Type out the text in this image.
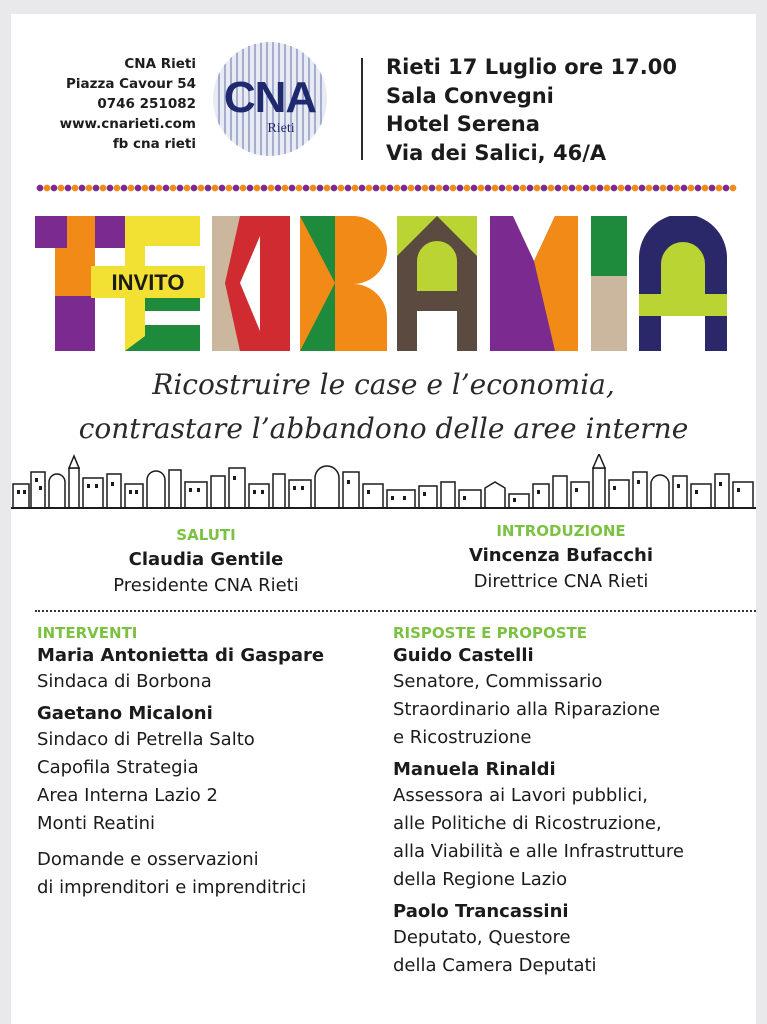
CNA Rieti
Piazza Cavour 54
0746 251082
www.cnarieti.com
fb cna rieti
CNA
Rieti
Rieti 17 Luglio ore 17.00
Sala Convegni
Hotel Serena
Via dei Salici, 46/A
INVITO
Ricostruire le case e l’economia,
contrastare l’abbandono delle aree interne
SALUTI
Claudia Gentile
Presidente CNA Rieti
INTRODUZIONE
Vincenza Bufacchi
Direttrice CNA Rieti
INTERVENTI
Maria Antonietta di Gaspare
Sindaca di Borbona
Gaetano Micaloni
Sindaco di Petrella Salto
Capofila Strategia
Area Interna Lazio 2
Monti Reatini
Domande e osservazioni
di imprenditori e imprenditrici
RISPOSTE E PROPOSTE
Guido Castelli
Senatore, Commissario
Straordinario alla Riparazione
e Ricostruzione
Manuela Rinaldi
Assessora ai Lavori pubblici,
alle Politiche di Ricostruzione,
alla Viabilità e alle Infrastrutture
della Regione Lazio
Paolo Trancassini
Deputato, Questore
della Camera Deputati
